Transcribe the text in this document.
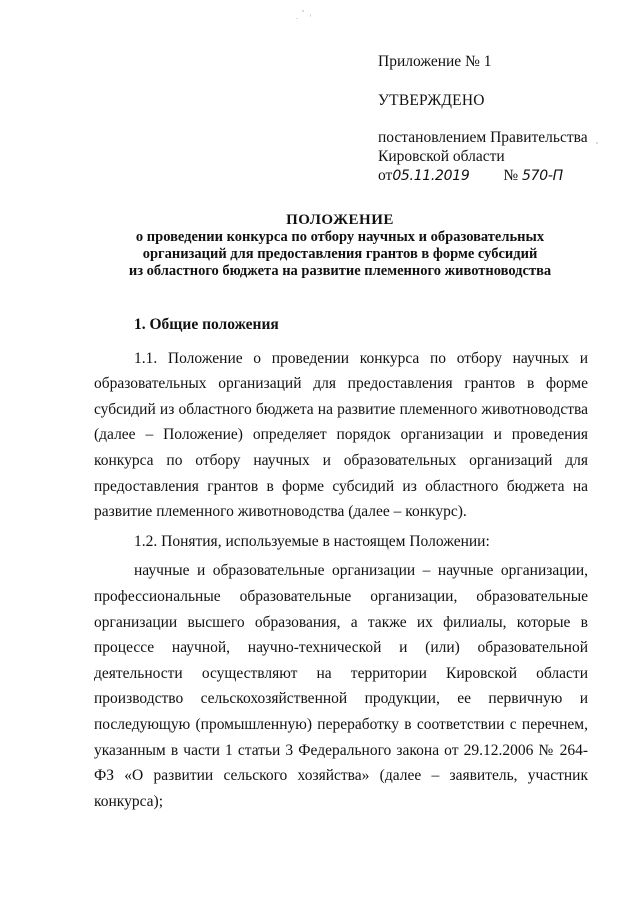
Приложение № 1
УТВЕРЖДЕНО
постановлением Правительства
Кировской области
от05.11.2019 № 570-П
ПОЛОЖЕНИЕ
о проведении конкурса по отбору научных и образовательных
организаций для предоставления грантов в форме субсидий
из областного бюджета на развитие племенного животноводства
1. Общие положения

1.1. Положение о проведении конкурса по отбору научных и образовательных организаций для предоставления грантов в форме субсидий из областного бюджета на развитие племенного животноводства (далее – Положение) определяет порядок организации и проведения конкурса по отбору научных и образовательных организаций для предоставления грантов в форме субсидий из областного бюджета на развитие племенного животноводства (далее – конкурс).

1.2. Понятия, используемые в настоящем Положении:

научные и образовательные организации – научные организации, профессиональные образовательные организации, образовательные организации высшего образования, а также их филиалы, которые в процессе научной, научно-технической и (или) образовательной деятельности осуществляют на территории Кировской области производство сельскохозяйственной продукции, ее первичную и последующую (промышленную) переработку в соответствии с перечнем, указанным в части 1 статьи 3 Федерального закона от 29.12.2006 № 264-ФЗ «О развитии сельского хозяйства» (далее – заявитель, участник конкурса);
